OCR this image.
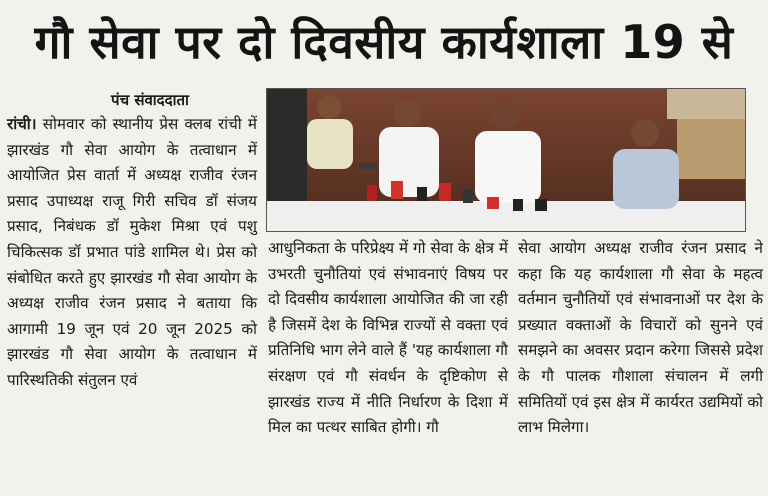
गौ सेवा पर दो दिवसीय कार्यशाला 19 से
पंच संवाददाता

रांची। सोमवार को स्थानीय प्रेस क्लब रांची में झारखंड गौ सेवा आयोग के तत्वाधान में आयोजित प्रेस वार्ता में अध्यक्ष राजीव रंजन प्रसाद उपाध्यक्ष राजू गिरी सचिव डॉ संजय प्रसाद, निबंधक डॉ मुकेश मिश्रा एवं पशु चिकित्सक डॉ प्रभात पांडे शामिल थे। प्रेस को संबोधित करते हुए झारखंड गौ सेवा आयोग के अध्यक्ष राजीव रंजन प्रसाद ने बताया कि आगामी 19 जून एवं 20 जून 2025 को झारखंड गौ सेवा आयोग के तत्वाधान में पारिस्थतिकी संतुलन एवं

आधुनिकता के परिप्रेक्ष्य में गो सेवा के क्षेत्र में उभरती चुनौतियां एवं संभावनाएं विषय पर दो दिवसीय कार्यशाला आयोजित की जा रही है जिसमें देश के विभिन्न राज्यों से वक्ता एवं प्रतिनिधि भाग लेने वाले हैं 'यह कार्यशाला गौ संरक्षण एवं गौ संवर्धन के दृष्टिकोण से झारखंड राज्य में नीति निर्धारण के दिशा में मिल का पत्थर साबित होगी। गौ

सेवा आयोग अध्यक्ष राजीव रंजन प्रसाद ने कहा कि यह कार्यशाला गौ सेवा के महत्व वर्तमान चुनौतियों एवं संभावनाओं पर देश के प्रख्यात वक्ताओं के विचारों को सुनने एवं समझने का अवसर प्रदान करेगा जिससे प्रदेश के गौ पालक गौशाला संचालन में लगी समितियों एवं इस क्षेत्र में कार्यरत उद्यमियों को लाभ मिलेगा।
